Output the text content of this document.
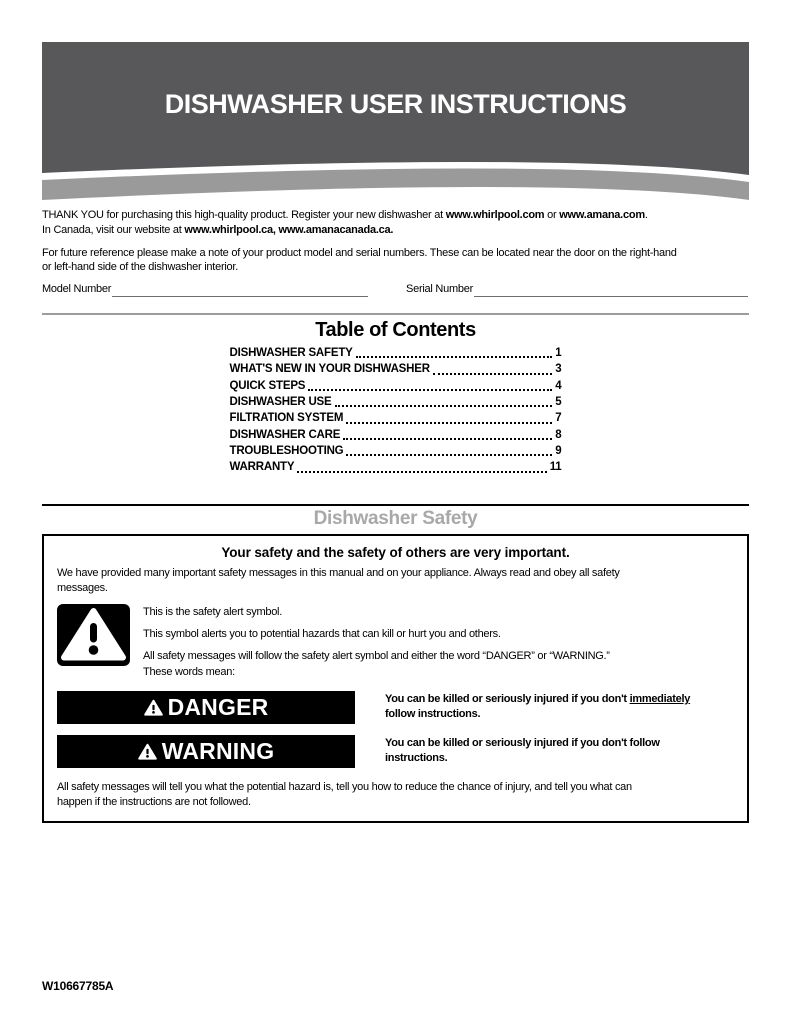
DISHWASHER USER INSTRUCTIONS
THANK YOU for purchasing this high-quality product. Register your new dishwasher at www.whirlpool.com or www.amana.com.
In Canada, visit our website at www.whirlpool.ca, www.amanacanada.ca.
For future reference please make a note of your product model and serial numbers. These can be located near the door on the right-hand
or left-hand side of the dishwasher interior.
Model Number	Serial Number
Table of Contents
DISHWASHER SAFETY	1
WHAT'S NEW IN YOUR DISHWASHER	3
QUICK STEPS	4
DISHWASHER USE	5
FILTRATION SYSTEM	7
DISHWASHER CARE	8
TROUBLESHOOTING	9
WARRANTY	11
Dishwasher Safety
Your safety and the safety of others are very important.
We have provided many important safety messages in this manual and on your appliance. Always read and obey all safety
messages.
This is the safety alert symbol.
This symbol alerts you to potential hazards that can kill or hurt you and others.
All safety messages will follow the safety alert symbol and either the word “DANGER” or “WARNING.”
These words mean:
DANGER	You can be killed or seriously injured if you don't immediately
follow instructions.
WARNING	You can be killed or seriously injured if you don't follow
instructions.
All safety messages will tell you what the potential hazard is, tell you how to reduce the chance of injury, and tell you what can
happen if the instructions are not followed.
W10667785A
